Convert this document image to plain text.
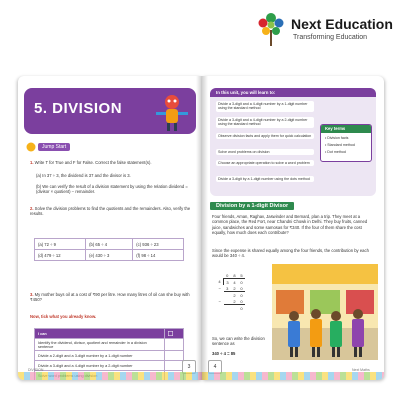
Next Education
Transforming Education
5. DIVISION
Jump Start
1. Write T for True and F for False. Correct the false statement(s).
(a) In 37 ÷ 3, the dividend is 37 and the divisor is 3.
(b) We can verify the result of a division statement by using the relation dividend = (divisor × quotient) − remainder.
2. Solve the division problems to find the quotients and the remainders. Also, verify the results.
(a) 72 ÷ 9	(b) 65 ÷ 4	(c) 936 ÷ 23
(d) 479 ÷ 12	(e) 430 ÷ 3	(f) 98 ÷ 14
3. My mother buys oil at a cost of ₹90 per litre. How many litres of oil can she buy with ₹450?
Now, tick what you already know.
I can	
Identify the dividend, divisor, quotient and remainder in a division sentence	
Divide a 2-digit and a 3-digit number by a 1-digit number	
Divide a 3-digit and a 4-digit number by a 2-digit number	

DIVISION	3
In this unit, you will learn to:
Divide a 3-digit and a 4-digit number by a 1-digit number using the standard method
Divide a 3-digit and a 4-digit number by a 2-digit number using the standard method
Observe division facts and apply them for quick calculation
Solve word problems on division
Choose an appropriate operation to solve a word problem
Divide a 3-digit by a 1-digit number using the dots method
Key terms
• Division facts
• Standard method
• Dot method
Division by a 1-digit Divisor
Four friends, Aman, Raghav, Jaswinder and Bernard, plan a trip. They meet at a common place, the Red Fort, near Chandni Chowk in Delhi. They buy fruits, canned juice, sandwiches and some samosas for ₹340. If the four of them share the cost equally, how much does each contribute?
Since the expense is shared equally among the four friends, the contribution by each would be 340 ÷ 4.
	0	8	5
4	3	4	0
−	3	2	0
		2	0
−		2	0
			0
So, we can write the division sentence as
340 ÷ 4 = 85
4	Next Maths
